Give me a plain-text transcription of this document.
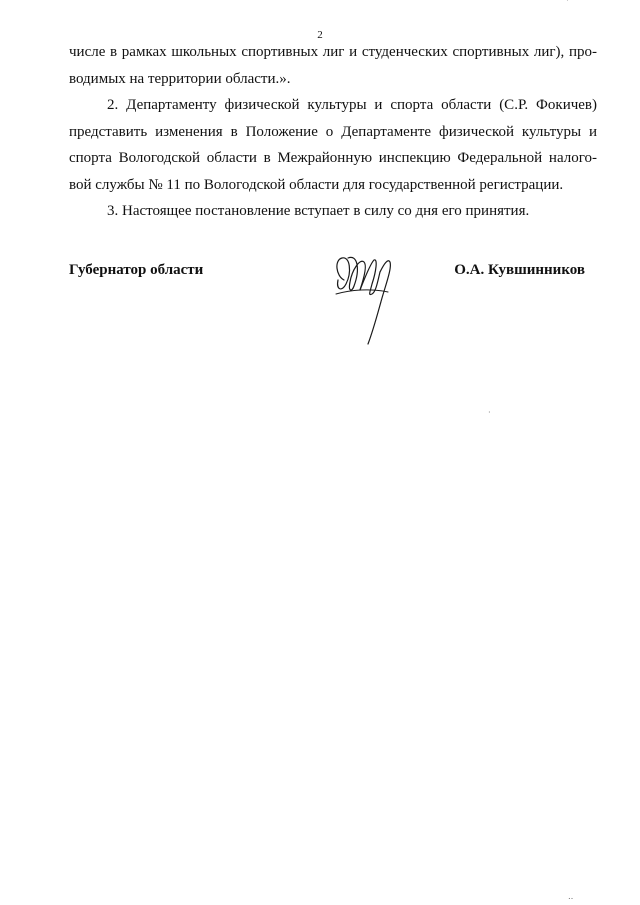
2
числе в рамках школьных спортивных лиг и студенческих спортивных лиг), про-
водимых на территории области.».
2. Департаменту физической культуры и спорта области (С.Р. Фокичев)
представить изменения в Положение о Департаменте физической культуры и
спорта Вологодской области в Межрайонную инспекцию Федеральной налого-
вой службы № 11 по Вологодской области для государственной регистрации.
3. Настоящее постановление вступает в силу со дня его принятия.
Губернатор области	О.А. Кувшинников
·
˙
‥
